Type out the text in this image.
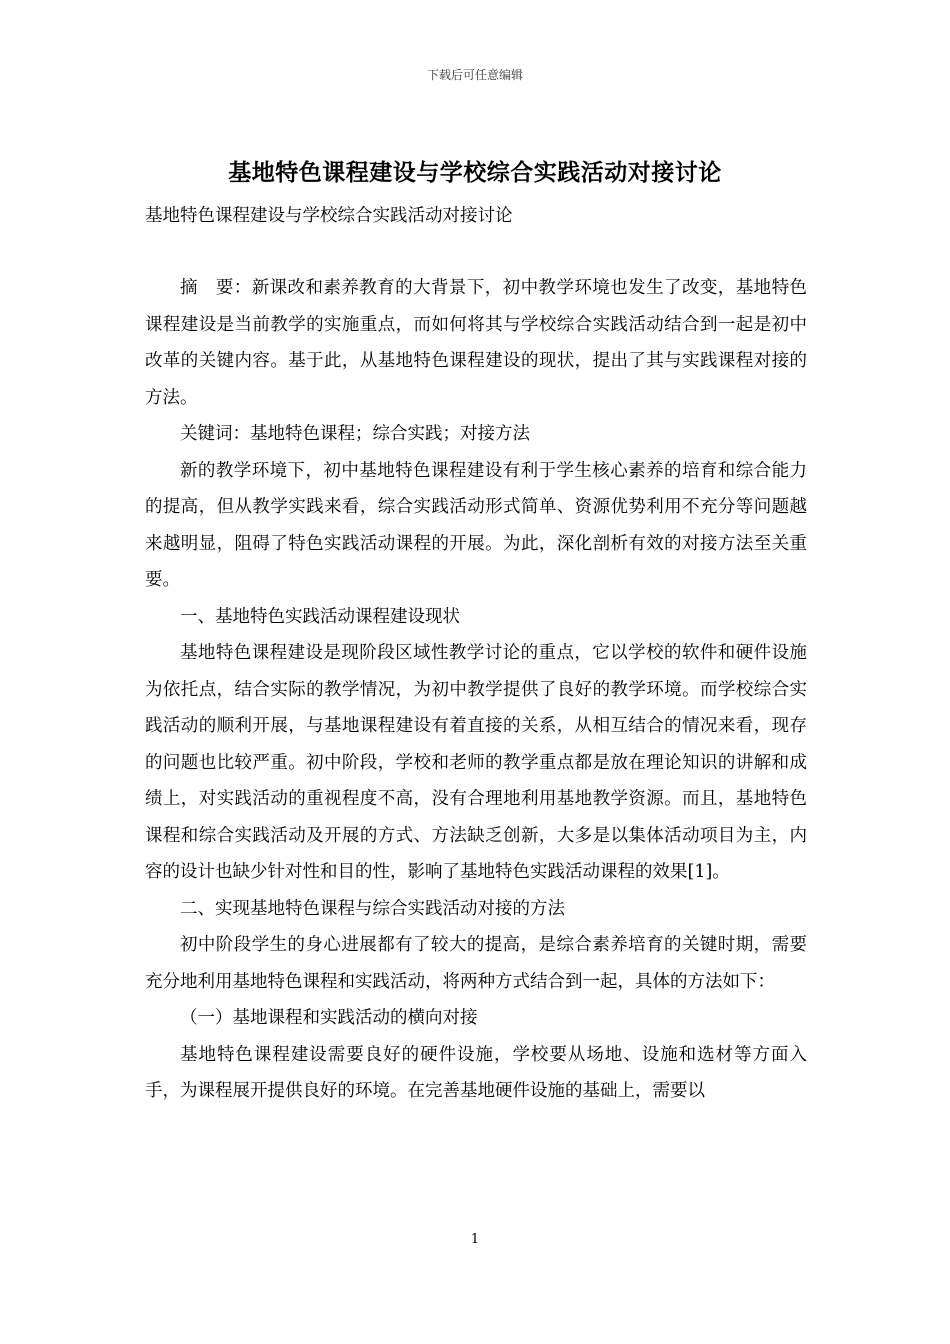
下载后可任意编辑
基地特色课程建设与学校综合实践活动对接讨论
基地特色课程建设与学校综合实践活动对接讨论

摘　要：新课改和素养教育的大背景下，初中教学环境也发生了改变，基地特色课程建设是当前教学的实施重点，而如何将其与学校综合实践活动结合到一起是初中改革的关键内容。基于此，从基地特色课程建设的现状，提出了其与实践课程对接的方法。

关键词：基地特色课程；综合实践；对接方法

新的教学环境下，初中基地特色课程建设有利于学生核心素养的培育和综合能力的提高，但从教学实践来看，综合实践活动形式简单、资源优势利用不充分等问题越来越明显，阻碍了特色实践活动课程的开展。为此，深化剖析有效的对接方法至关重要。

一、基地特色实践活动课程建设现状

基地特色课程建设是现阶段区域性教学讨论的重点，它以学校的软件和硬件设施为依托点，结合实际的教学情况，为初中教学提供了良好的教学环境。而学校综合实践活动的顺利开展，与基地课程建设有着直接的关系，从相互结合的情况来看，现存的问题也比较严重。初中阶段，学校和老师的教学重点都是放在理论知识的讲解和成绩上，对实践活动的重视程度不高，没有合理地利用基地教学资源。而且，基地特色课程和综合实践活动及开展的方式、方法缺乏创新，大多是以集体活动项目为主，内容的设计也缺少针对性和目的性，影响了基地特色实践活动课程的效果[1]。

二、实现基地特色课程与综合实践活动对接的方法

初中阶段学生的身心进展都有了较大的提高，是综合素养培育的关键时期，需要充分地利用基地特色课程和实践活动，将两种方式结合到一起，具体的方法如下：

（一）基地课程和实践活动的横向对接

基地特色课程建设需要良好的硬件设施，学校要从场地、设施和选材等方面入手，为课程展开提供良好的环境。在完善基地硬件设施的基础上，需要以

1
